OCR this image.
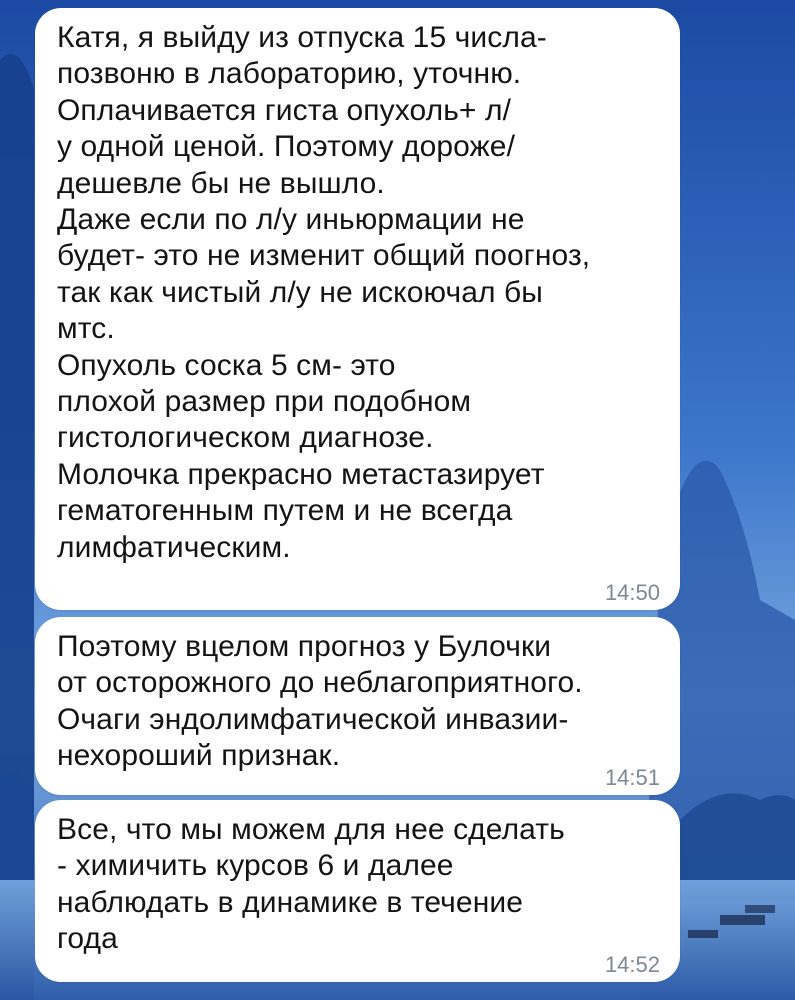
Катя, я выйду из отпуска 15 числа-
позвоню в лабораторию, уточню.
Оплачивается гиста опухоль+ л/
у одной ценой. Поэтому дороже/
дешевле бы не вышло.
Даже если по л/у иньюрмации не
будет- это не изменит общий поогноз,
так как чистый л/у не искоючал бы
мтс.
Опухоль соска 5 см- это
плохой размер при подобном
гистологическом диагнозе.
Молочка прекрасно метастазирует
гематогенным путем и не всегда
лимфатическим.

14:50

Поэтому вцелом прогноз у Булочки
от осторожного до неблагоприятного.
Очаги эндолимфатической инвазии-
нехороший признак.

14:51

Все, что мы можем для нее сделать
- химичить курсов 6 и далее
наблюдать в динамике в течение
года

14:52
